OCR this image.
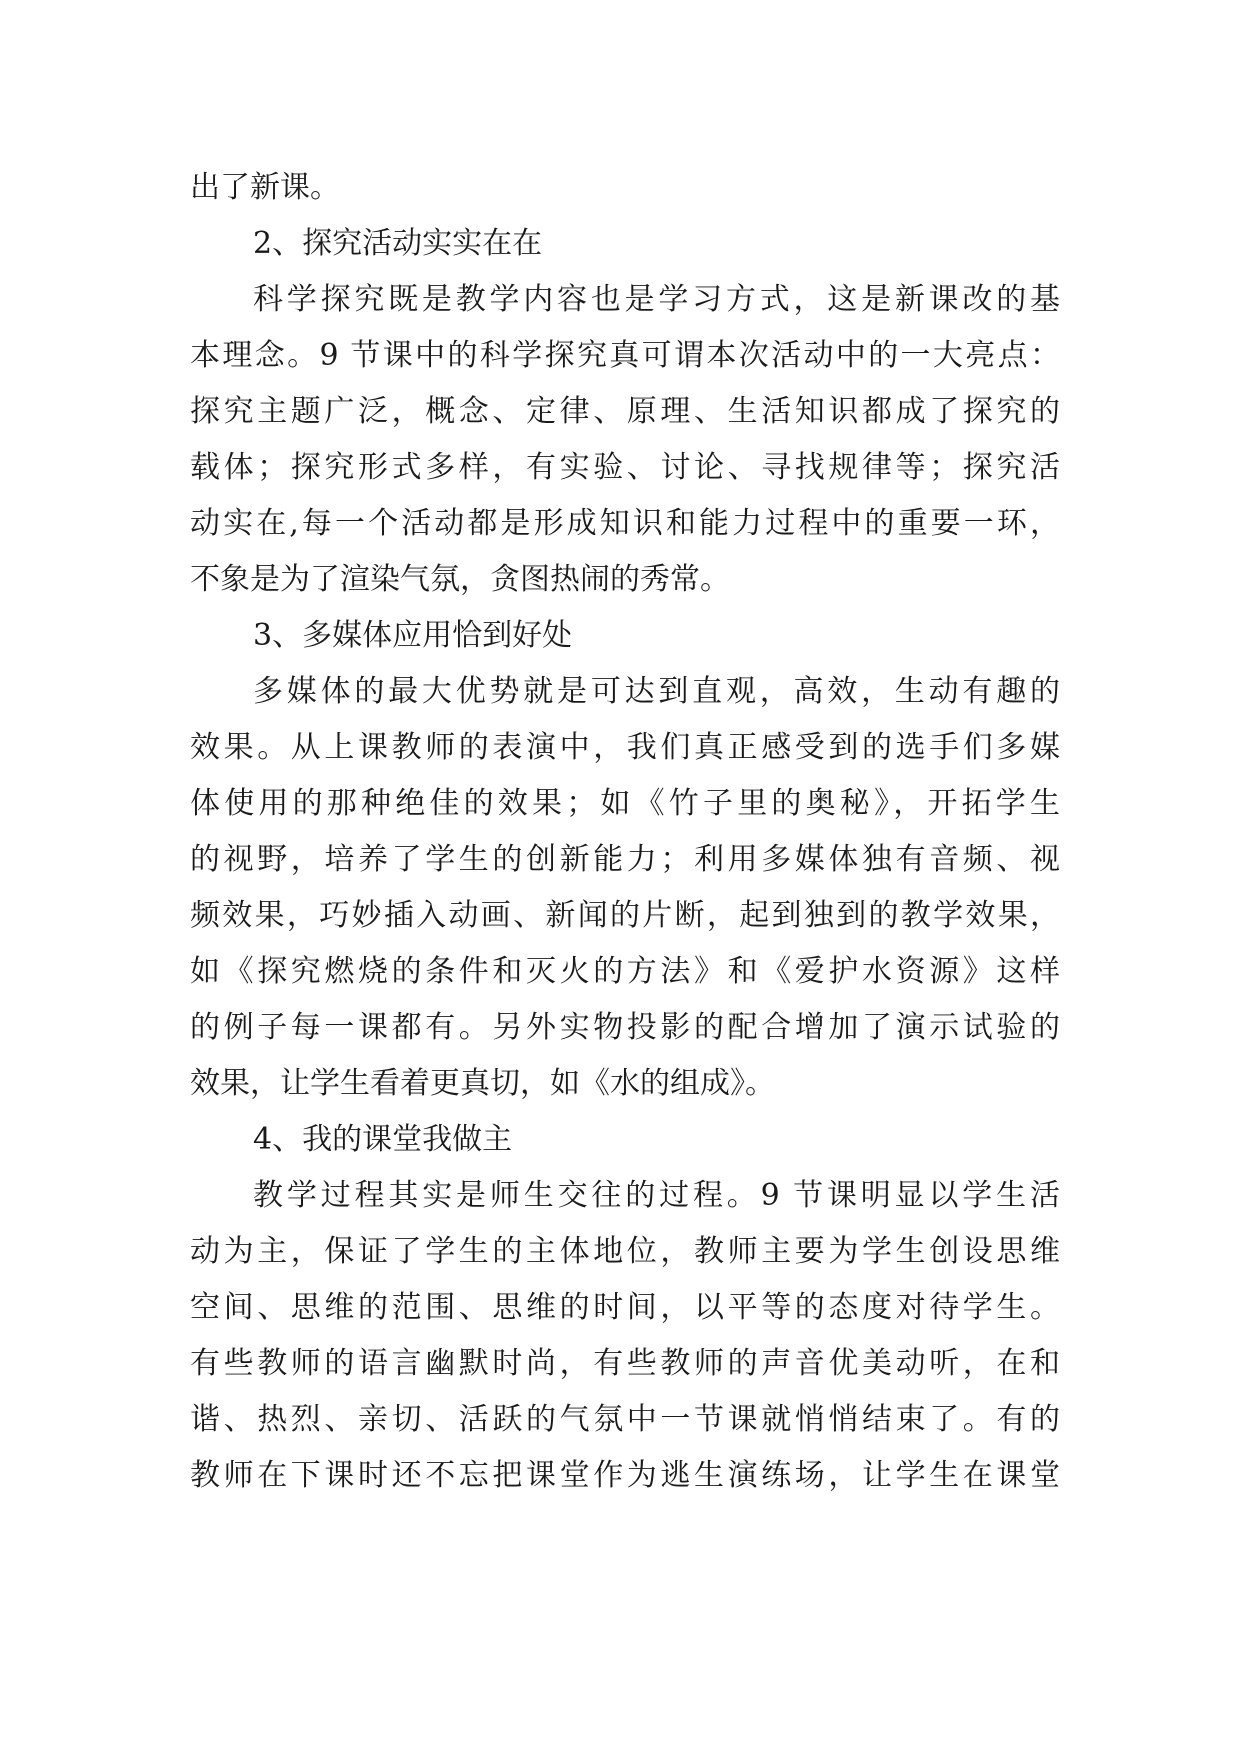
出了新课。
2、探究活动实实在在
科学探究既是教学内容也是学习方式，这是新课改的基
本理念。9 节课中的科学探究真可谓本次活动中的一大亮点：
探究主题广泛，概念、定律、原理、生活知识都成了探究的
载体；探究形式多样，有实验、讨论、寻找规律等；探究活
动实在,每一个活动都是形成知识和能力过程中的重要一环，
不象是为了渲染气氛，贪图热闹的秀常。
3、多媒体应用恰到好处
多媒体的最大优势就是可达到直观，高效，生动有趣的
效果。从上课教师的表演中，我们真正感受到的选手们多媒
体使用的那种绝佳的效果；如《竹子里的奥秘》，开拓学生
的视野，培养了学生的创新能力；利用多媒体独有音频、视
频效果，巧妙插入动画、新闻的片断，起到独到的教学效果，
如《探究燃烧的条件和灭火的方法》和《爱护水资源》这样
的例子每一课都有。另外实物投影的配合增加了演示试验的
效果，让学生看着更真切，如《水的组成》。
4、我的课堂我做主
教学过程其实是师生交往的过程。9 节课明显以学生活
动为主，保证了学生的主体地位，教师主要为学生创设思维
空间、思维的范围、思维的时间，以平等的态度对待学生。
有些教师的语言幽默时尚，有些教师的声音优美动听，在和
谐、热烈、亲切、活跃的气氛中一节课就悄悄结束了。有的
教师在下课时还不忘把课堂作为逃生演练场，让学生在课堂
